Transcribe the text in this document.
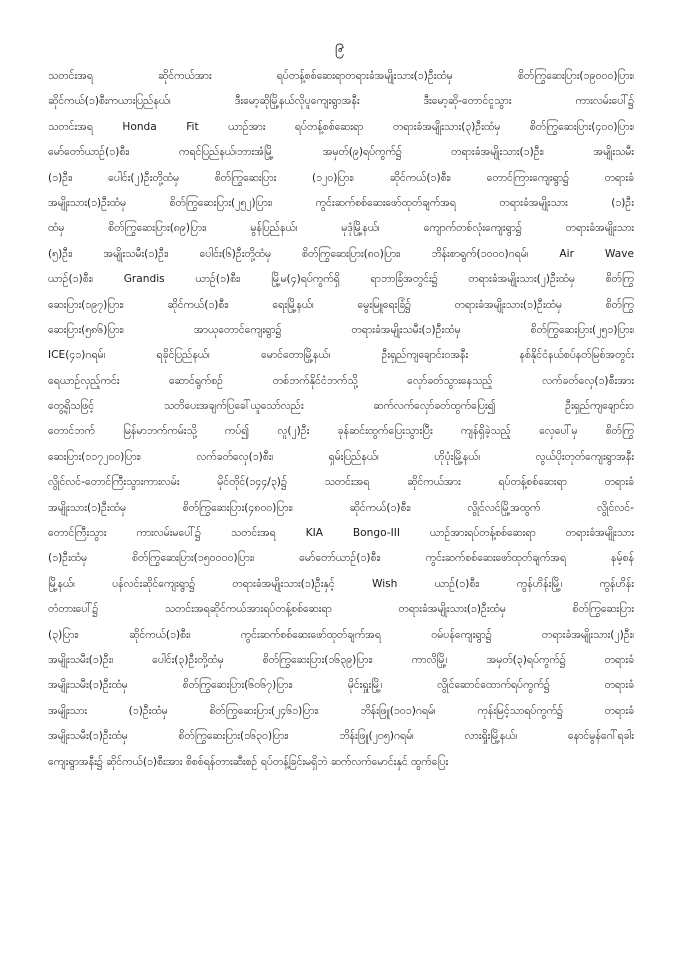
၉
သတင်းအရ ဆိုင်ကယ်အား ရပ်တန့်စစ်ဆေးရာတရားခံအမျိုးသား(၁)ဦးထံမှ စိတ်ကြွဆေးပြား(၁၉၀၀၀)ပြား၊
ဆိုင်ကယ်(၁)စီးကယားပြည်နယ်၊ ဒီးမော့ဆိုမြို့နယ်လိုပူကျေးရွာအနီး ဒီးမော့ဆို-တောင်ငူသွား ကားလမ်းပေါ်၌
သတင်းအရ Honda Fit ယာဉ်အား ရပ်တန့်စစ်ဆေးရာ တရားခံအမျိုးသား(၃)ဦးထံမှ စိတ်ကြွဆေးပြား(၄၀၀)ပြား၊
မော်တော်ယာဉ်(၁)စီး၊ ကရင်ပြည်နယ်၊ဘားအံမြို့ အမှတ်(၉)ရပ်ကွက်၌ တရားခံအမျိုးသား(၁)ဦး၊ အမျိုးသမီး
(၁)ဦး၊ ပေါင်း(၂)ဦးတို့ထံမှ စိတ်ကြွဆေးပြား (၁၂၀)ပြား၊ ဆိုင်ကယ်(၁)စီး၊ တောင်ကြားကျေးရွာ၌ တရားခံ
အမျိုးသား(၁)ဦးထံမှ စိတ်ကြွဆေးပြား(၂၅၂)ပြား၊ ကွင်းဆက်စစ်ဆေးဖော်ထုတ်ချက်အရ တရားခံအမျိုးသား (၁)ဦး
ထံမှ စိတ်ကြွဆေးပြား(၈၉)ပြား၊ မွန်ပြည်နယ်၊ မုဒုံမြို့နယ်၊ ကျောက်တစ်လုံးကျေးရွာ၌ တရားခံအမျိုးသား
(၅)ဦး၊ အမျိုးသမီး(၁)ဦး၊ ပေါင်း(၆)ဦးတို့ထံမှ စိတ်ကြွဆေးပြား(၈၀)ပြား၊ ဘိန်းစာရွက်(၁၀၀၀)ဂရမ်၊ Air Wave
ယာဉ်(၁)စီး၊ Grandis ယာဉ်(၁)စီး၊ မြို့မ(၄)ရပ်ကွက်ရှိ ရာဘာခြံအတွင်း၌ တရားခံအမျိုးသား(၂)ဦးထံမှ စိတ်ကြွ
ဆေးပြား(၁၉၇)ပြား၊ ဆိုင်ကယ်(၁)စီး၊ ရေးမြို့နယ်၊ မွေးမြူရေးခြံ၌ တရားခံအမျိုးသား(၁)ဦးထံမှ စိတ်ကြွ
ဆေးပြား(၅၈၆)ပြား၊ အာယုတောင်ကျေးရွာ၌ တရားခံအမျိုးသမီး(၁)ဦးထံမှ စိတ်ကြွဆေးပြား(၂၅၁)ပြား၊
ICE(၄၁)ဂရမ်၊ ရခိုင်ပြည်နယ်၊ မောင်တောမြို့နယ်၊ ဦးရှည်ကျချောင်းဝအနီး နစ်နိုင်ငံနယ်စပ်နတ်မြစ်အတွင်း
ရေယာဉ်လှည့်ကင်း ဆောင်ရွက်စဉ် တစ်ဘက်နိုင်ငံဘက်သို့ လှော်ခတ်သွားနေသည့် လက်ခတ်လှေ(၁)စီးအား
တွေ့ရှိသဖြင့် သတိပေးအချက်ပြခေါ်ယူသော်လည်း ဆက်လက်လှော်ခတ်ထွက်ပြေး၍ ဦးရှည်ကျချောင်းဝ
တောင်ဘက် မြန်မာဘက်ကမ်းသို့ ကပ်၍ လူ(၂)ဦး ခုန်ဆင်းထွက်ပြေးသွားပြီး ကျန်ရှိခဲ့သည့် လှေပေါ်မှ စိတ်ကြွ
ဆေးပြား(၁၁၇၂၀၀)ပြား၊ လက်ခတ်လှေ(၁)စီး၊ ရှမ်းပြည်နယ်၊ ဟိုပုံးမြို့နယ်၊ လွယ်ပိုးတုတ်ကျေးရွာအနီး
လွိုင်လင်-တောင်ကြီးသွားကားလမ်း မိုင်တိုင်(၁၄၄/၃)၌ သတင်းအရ ဆိုင်ကယ်အား ရပ်တန့်စစ်ဆေးရာ တရားခံ
အမျိုးသား(၁)ဦးထံမှ စိတ်ကြွဆေးပြား(၄၈၀၀)ပြား၊ ဆိုင်ကယ်(၁)စီး၊ လွိုင်လင်မြို့အထွက် လွိုင်လင်-
တောင်ကြီးသွား ကားလမ်းမပေါ်၌ သတင်းအရ KIA Bongo-III ယာဉ်အားရပ်တန့်စစ်ဆေးရာ တရားခံအမျိုးသား
(၁)ဦးထံမှ စိတ်ကြွဆေးပြား(၁၅၀၀၀၀)ပြား၊ မော်တော်ယာဉ်(၁)စီး၊ ကွင်းဆက်စစ်ဆေးဖော်ထုတ်ချက်အရ နမ့်စန်
မြို့နယ်၊ ပန်လင်းဆိုင်ကျေးရွာ၌ တရားခံအမျိုးသား(၁)ဦးနှင့် Wish ယာဉ်(၁)စီး၊ ကွန်ဟိန်းမြို့၊ ကွန်ဟိန်း
တံတားပေါ်၌ သတင်းအရဆိုင်ကယ်အားရပ်တန့်စစ်ဆေးရာ တရားခံအမျိုးသား(၁)ဦးထံမှ စိတ်ကြွဆေးပြား
(၃)ပြား၊ ဆိုင်ကယ်(၁)စီး၊ ကွင်းဆက်စစ်ဆေးဖော်ထုတ်ချက်အရ ဝမ်ပန်ကျေးရွာ၌ တရားခံအမျိုးသား(၂)ဦး၊
အမျိုးသမီး(၁)ဦး၊ ပေါင်း(၃)ဦးတို့ထံမှ စိတ်ကြွဆေးပြား(၁၆၃၉)ပြား၊ ကာလိမြို့၊ အမှတ်(၃)ရပ်ကွက်၌ တရားခံ
အမျိုးသမီး(၁)ဦးထံမှ စိတ်ကြွဆေးပြား(၆၀၆၇)ပြား၊ မိုင်းရှူးမြို့၊ လွိုင်ဆောင်ထောက်ရပ်ကွက်၌ တရားခံ
အမျိုးသား (၁)ဦးထံမှ စိတ်ကြွဆေးပြား(၂၄၆၁)ပြား၊ ဘိန်းဖြူ(၁၀၁)ဂရမ်၊ ကုန်းမြင့်သာရပ်ကွက်၌ တရားခံ
အမျိုးသမီး(၁)ဦးထံမှ စိတ်ကြွဆေးပြား(၁၆၃၀)ပြား၊ ဘိန်းဖြူ(၂၀၅)ဂရမ်၊ လားရှိုးမြို့နယ်၊ နောင်မွန်ဂေါ်ရခါး
ကျေးရွာအနီး၌ ဆိုင်ကယ်(၁)စီးအား စိစစ်ရန်တားဆီးစဉ် ရပ်တန့်ခြင်းမရှိဘဲ ဆက်လက်မောင်းနှင် ထွက်ပြေး
